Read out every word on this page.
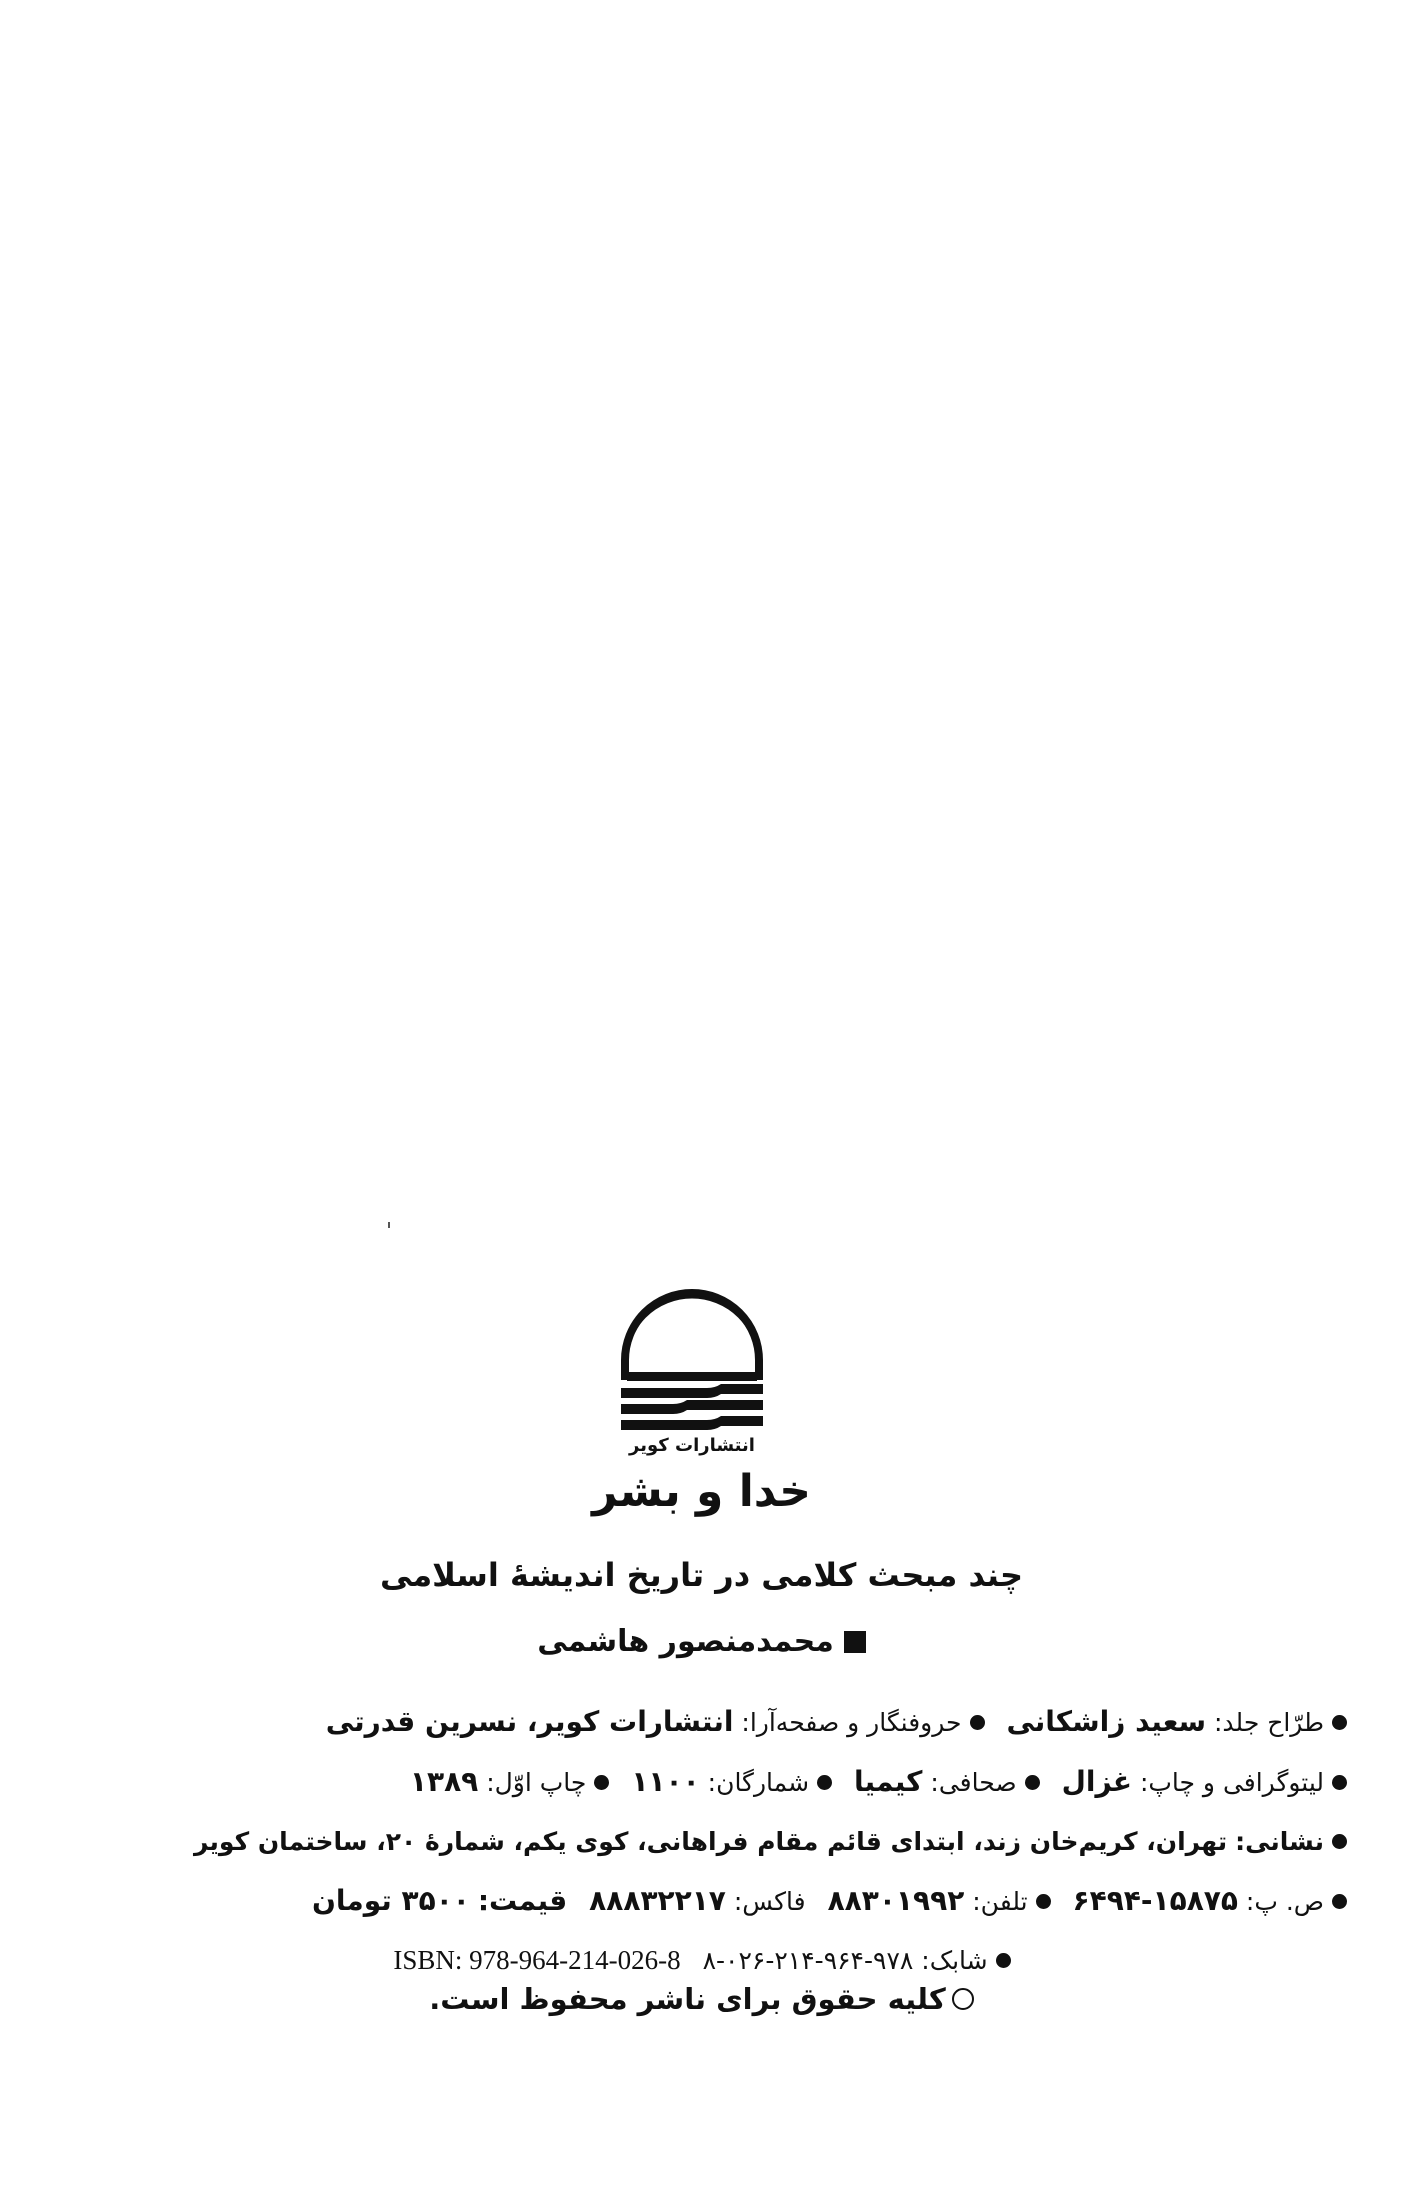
انتشارات کویر
خدا و بشر
چند مبحث کلامی در تاریخ اندیشهٔ اسلامی
محمدمنصور هاشمی
طرّاح جلد: سعید زاشکانی حروفنگار و صفحه‌آرا: انتشارات کویر، نسرین قدرتی
لیتوگرافی و چاپ: غزال صحافی: کیمیا شمارگان: ۱۱۰۰ چاپ اوّل: ۱۳۸۹
نشانی: تهران، کریم‌خان زند، ابتدای قائم مقام فراهانی، کوی یکم، شمارهٔ ۲۰، ساختمان کویر
ص. پ: ۱۵۸۷۵-۶۴۹۴ تلفن: ۸۸۳۰۱۹۹۲ فاکس: ۸۸۸۳۲۲۱۷ قیمت: ۳۵۰۰ تومان
شابک: ۹۷۸-۹۶۴-۲۱۴-۰۲۶-۸ ISBN: 978-964-214-026-8
کلیه حقوق برای ناشر محفوظ است.
